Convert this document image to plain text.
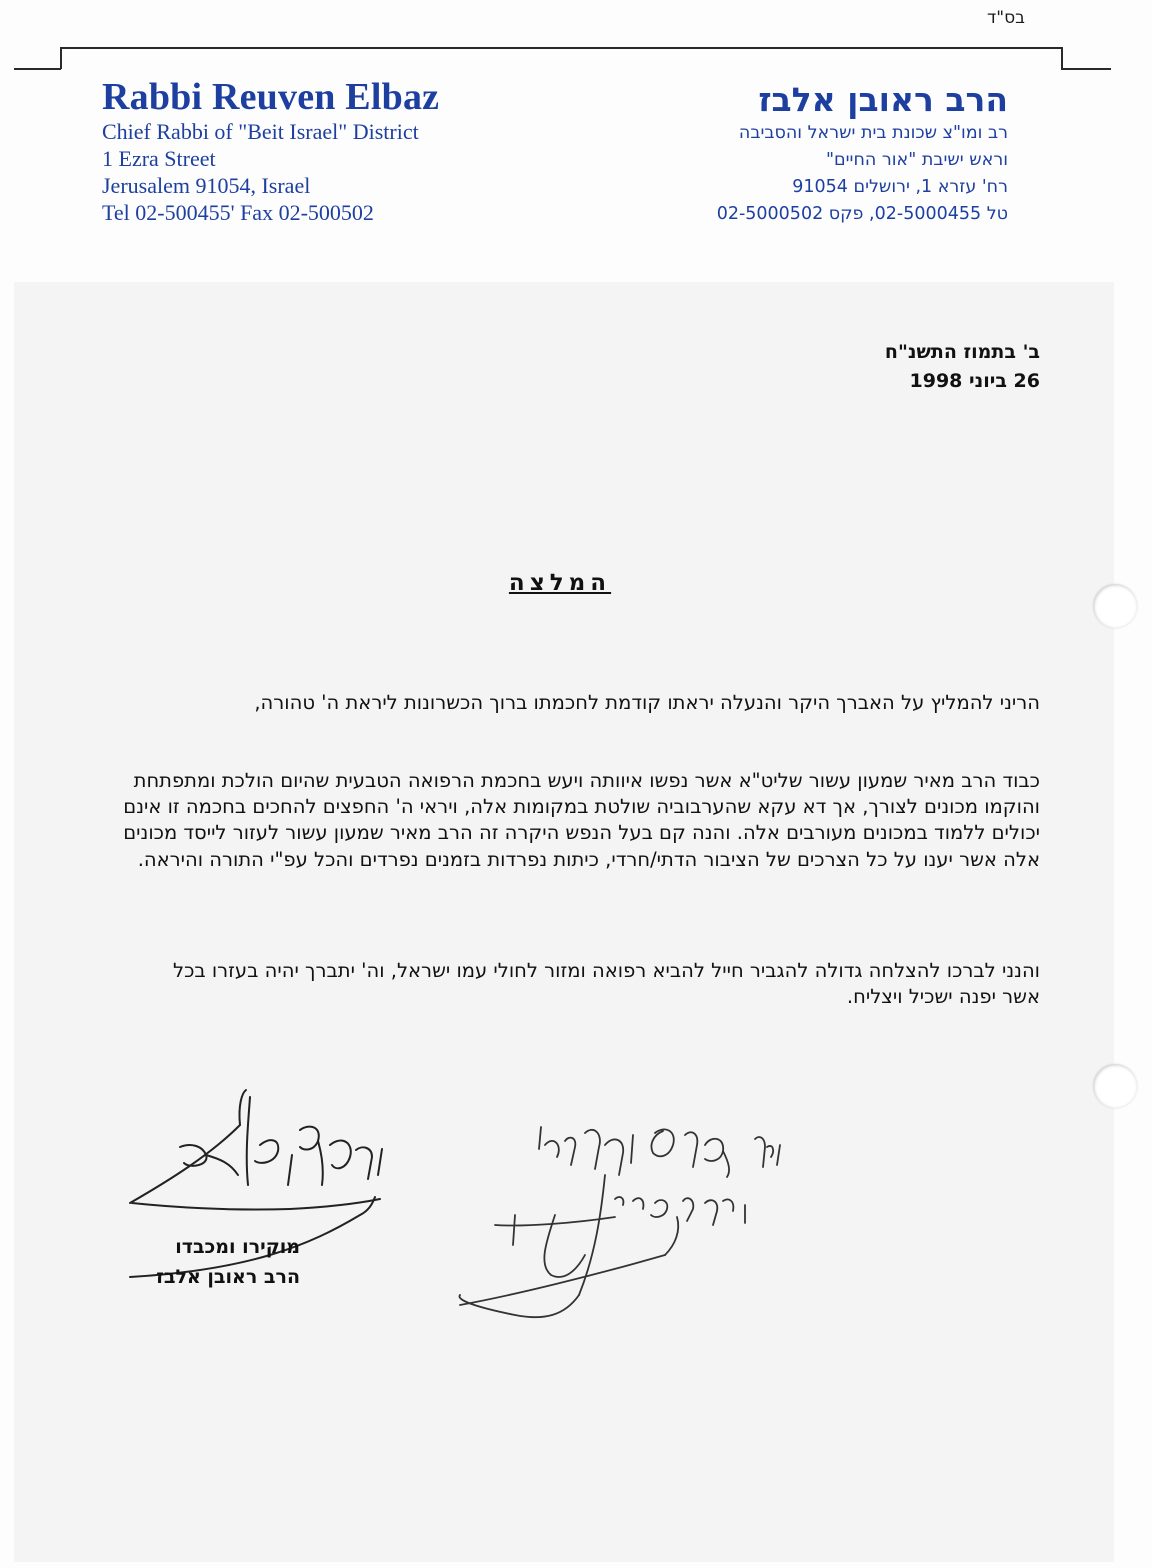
בס"ד
Rabbi Reuven Elbaz
Chief Rabbi of "Beit Israel" District
1 Ezra Street
Jerusalem 91054, Israel
Tel 02-500455' Fax 02-500502
הרב ראובן אלבז
רב ומו"צ שכונת בית ישראל והסביבה
וראש ישיבת "אור החיים"
רח' עזרא 1, ירושלים 91054
טל 02-5000455, פקס 02-5000502
ב' בתמוז התשנ"ח
26 ביוני 1998
המלצה
הריני להמליץ על האברך היקר והנעלה יראתו קודמת לחכמתו ברוך הכשרונות ליראת ה' טהורה,
כבוד הרב מאיר שמעון עשור שליט"א אשר נפשו איוותה ויעש בחכמת הרפואה הטבעית שהיום הולכת ומתפתחת והוקמו מכונים לצורך, אך דא עקא שהערבוביה שולטת במקומות אלה, ויראי ה' החפצים להחכים בחכמה זו אינם יכולים ללמוד במכונים מעורבים אלה. והנה קם בעל הנפש היקרה זה הרב מאיר שמעון עשור לעזור לייסד מכונים אלה אשר יענו על כל הצרכים של הציבור הדתי/חרדי, כיתות נפרדות בזמנים נפרדים והכל עפ"י התורה והיראה.
והנני לברכו להצלחה גדולה להגביר חייל להביא רפואה ומזור לחולי עמו ישראל, וה' יתברך יהיה בעזרו בכל אשר יפנה ישכיל ויצליח.
מוקירו ומכבדו
הרב ראובן אלבז
